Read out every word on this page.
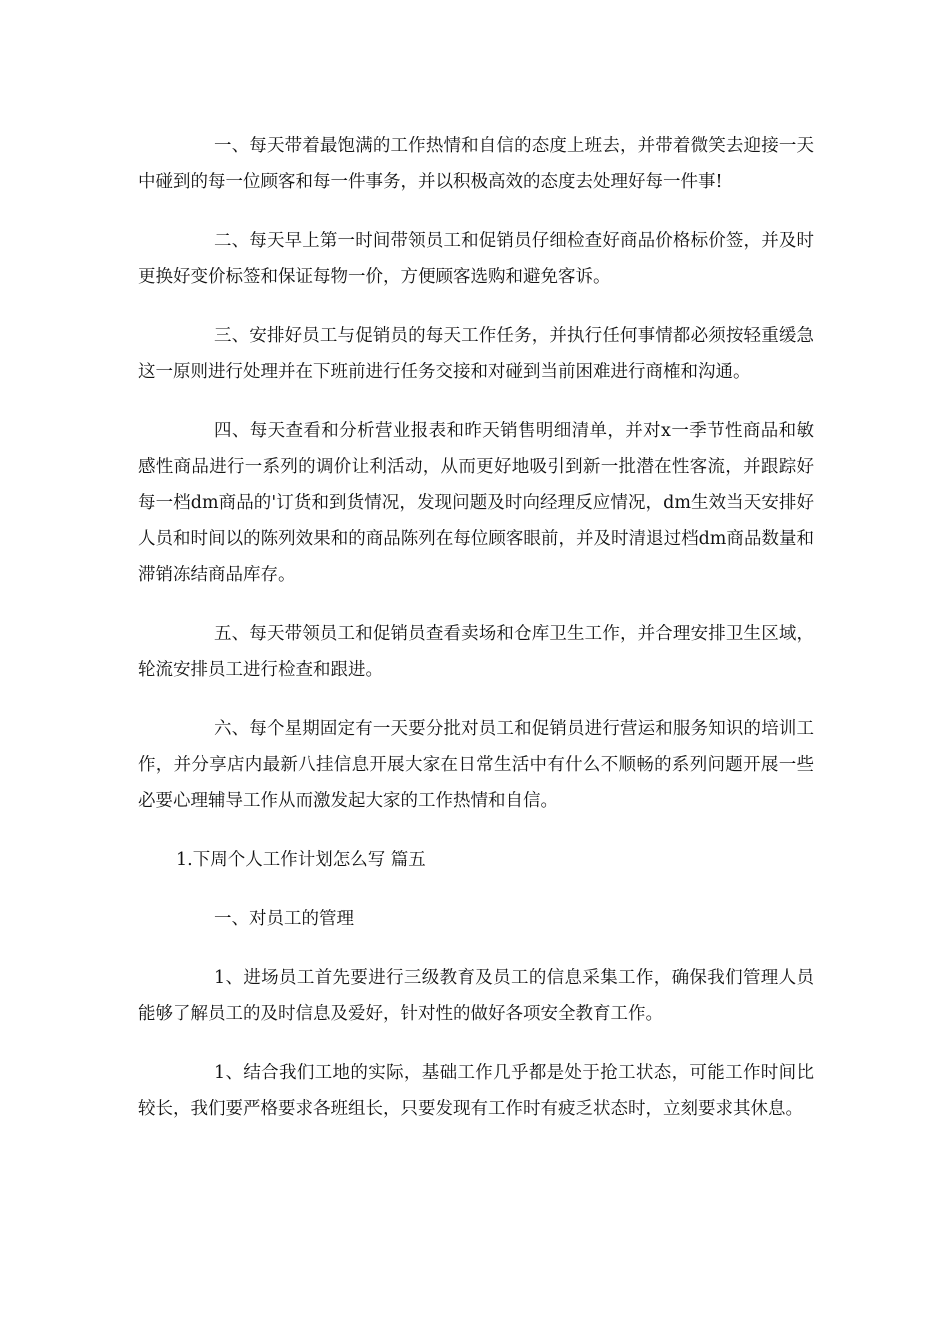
一、每天带着最饱满的工作热情和自信的态度上班去，并带着微笑去迎接一天中碰到的每一位顾客和每一件事务，并以积极高效的态度去处理好每一件事!

二、每天早上第一时间带领员工和促销员仔细检查好商品价格标价签，并及时更换好变价标签和保证每物一价，方便顾客选购和避免客诉。

三、安排好员工与促销员的每天工作任务，并执行任何事情都必须按轻重缓急这一原则进行处理并在下班前进行任务交接和对碰到当前困难进行商榷和沟通。

四、每天查看和分析营业报表和昨天销售明细清单，并对x一季节性商品和敏感性商品进行一系列的调价让利活动，从而更好地吸引到新一批潜在性客流，并跟踪好每一档dm商品的'订货和到货情况，发现问题及时向经理反应情况，dm生效当天安排好人员和时间以的陈列效果和的商品陈列在每位顾客眼前，并及时清退过档dm商品数量和滞销冻结商品库存。

五、每天带领员工和促销员查看卖场和仓库卫生工作，并合理安排卫生区域，轮流安排员工进行检查和跟进。

六、每个星期固定有一天要分批对员工和促销员进行营运和服务知识的培训工作，并分享店内最新八挂信息开展大家在日常生活中有什么不顺畅的系列问题开展一些必要心理辅导工作从而激发起大家的工作热情和自信。

1.下周个人工作计划怎么写 篇五

一、对员工的管理

1、进场员工首先要进行三级教育及员工的信息采集工作，确保我们管理人员能够了解员工的及时信息及爱好，针对性的做好各项安全教育工作。

1、结合我们工地的实际，基础工作几乎都是处于抢工状态，可能工作时间比较长，我们要严格要求各班组长，只要发现有工作时有疲乏状态时，立刻要求其休息。
